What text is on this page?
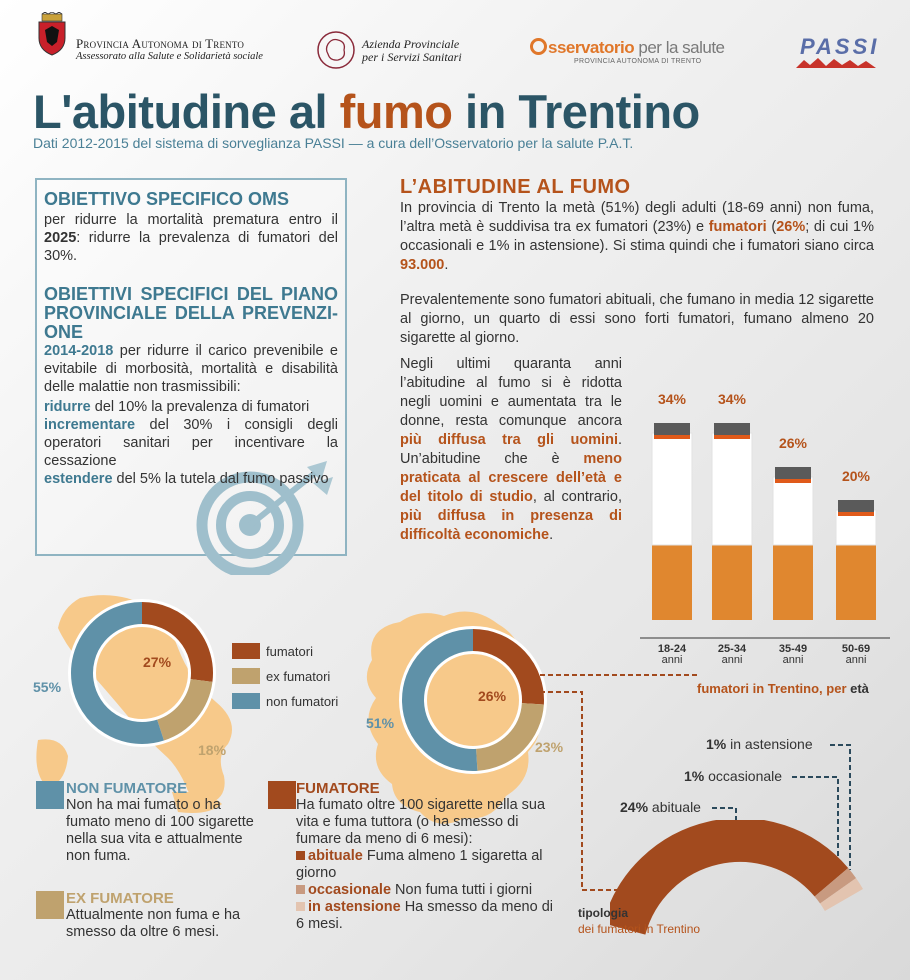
Provincia Autonoma di Trento
Assessorato alla Salute e Solidarietà sociale
Azienda Provinciale
per i Servizi Sanitari	sservatorio per la salute
PROVINCIA AUTONOMA DI TRENTO
PASSI
L'abitudine al fumo in Trentino
Dati 2012-2015 del sistema di sorveglianza PASSI — a cura dell’Osservatorio per la salute P.A.T.
OBIETTIVO SPECIFICO OMS
per ridurre la mortalità prematura entro il 2025: ridurre la prevalenza di fumatori del 30%.
OBIETTIVI SPECIFICI DEL PIANO PROVINCIALE DELLA PREVENZIONE
2014-2018 per ridurre il carico prevenibile e evitabile di morbosità, mortalità e disabilità delle malattie non trasmissibili:
ridurre del 10% la prevalenza di fumatori
incrementare del 30% i consigli degli operatori sanitari per incentivare la cessazione
estendere del 5% la tutela dal fumo passivo
L’ABITUDINE AL FUMO
In provincia di Trento la metà (51%) degli adulti (18-69 anni) non fuma, l’altra metà è suddivisa tra ex fumatori (23%) e fumatori (26%; di cui 1% occasionali e 1% in astensione). Si stima quindi che i fumatori siano circa 93.000.
Prevalentemente sono fumatori abituali, che fumano in media 12 sigarette al giorno, un quarto di essi sono forti fumatori, fumano almeno 20 sigarette al giorno.
Negli ultimi quaranta anni l’abitudine al fumo si è ridotta negli uomini e aumentata tra le donne, resta comunque ancora più diffusa tra gli uomini. Un’abitudine che è meno praticata al crescere dell’età e del titolo di studio, al contrario, più diffusa in presenza di difficoltà economiche.
34%
18-24
anni
34%
25-34
anni
26%
35-49
anni
20%
50-69
anni
fumatori in Trentino, per età
27%
18%
55%
26%
23%
51%
fumatori
ex fumatori
non fumatori
1% in astensione
1% occasionale
24% abituale
tipologia
dei fumatori in Trentino
NON FUMATORE
Non ha mai fumato o ha fumato meno di 100 sigarette nella sua vita e attualmente non fuma.
EX FUMATORE
Attualmente non fuma e ha smesso da oltre 6 mesi.
FUMATORE
Ha fumato oltre 100 sigarette nella sua vita e fuma tuttora (o ha smesso di fumare da meno di 6 mesi):
abituale Fuma almeno 1 sigaretta al giorno
occasionale Non fuma tutti i giorni
in astensione Ha smesso da meno di 6 mesi.
